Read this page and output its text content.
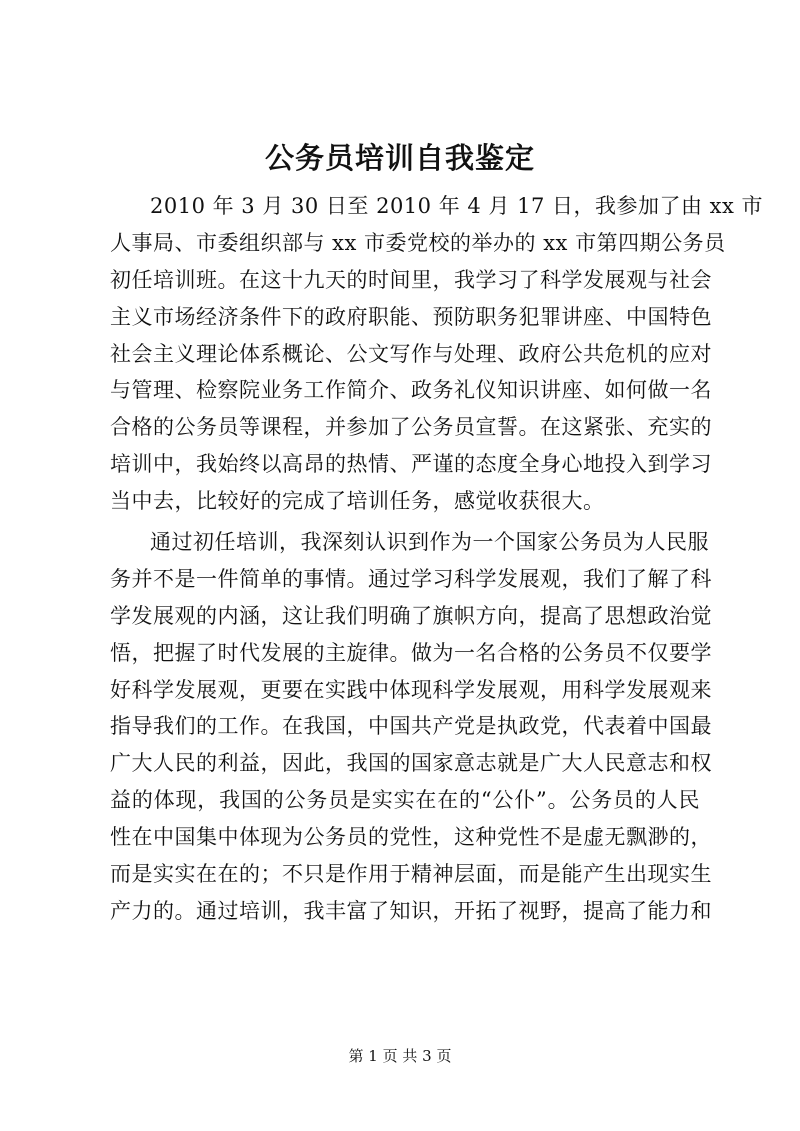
公务员培训自我鉴定
2010 年 3 月 30 日至 2010 年 4 月 17 日，我参加了由 xx 市
人事局、市委组织部与 xx 市委党校的举办的 xx 市第四期公务员
初任培训班。在这十九天的时间里，我学习了科学发展观与社会
主义市场经济条件下的政府职能、预防职务犯罪讲座、中国特色
社会主义理论体系概论、公文写作与处理、政府公共危机的应对
与管理、检察院业务工作简介、政务礼仪知识讲座、如何做一名
合格的公务员等课程，并参加了公务员宣誓。在这紧张、充实的
培训中，我始终以高昂的热情、严谨的态度全身心地投入到学习
当中去，比较好的完成了培训任务，感觉收获很大。
通过初任培训，我深刻认识到作为一个国家公务员为人民服
务并不是一件简单的事情。通过学习科学发展观，我们了解了科
学发展观的内涵，这让我们明确了旗帜方向，提高了思想政治觉
悟，把握了时代发展的主旋律。做为一名合格的公务员不仅要学
好科学发展观，更要在实践中体现科学发展观，用科学发展观来
指导我们的工作。在我国，中国共产党是执政党，代表着中国最
广大人民的利益，因此，我国的国家意志就是广大人民意志和权
益的体现，我国的公务员是实实在在的“公仆”。公务员的人民
性在中国集中体现为公务员的党性，这种党性不是虚无飘渺的，
而是实实在在的；不只是作用于精神层面，而是能产生出现实生
产力的。通过培训，我丰富了知识，开拓了视野，提高了能力和
第 1 页 共 3 页
